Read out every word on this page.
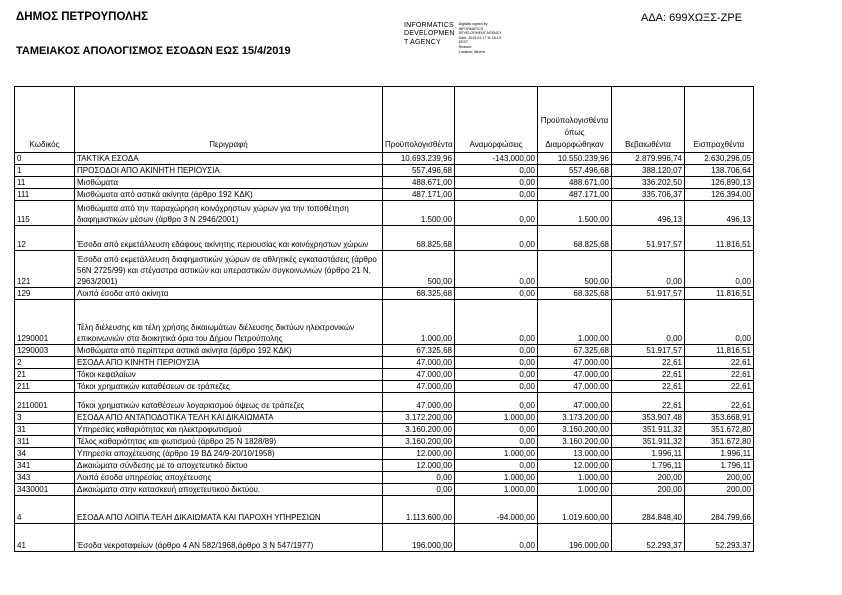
ΔΗΜΟΣ ΠΕΤΡΟΥΠΟΛΗΣ
ΤΑΜΕΙΑΚΟΣ ΑΠΟΛΟΓΙΣΜΟΣ ΕΣΟΔΩΝ ΕΩΣ 15/4/2019
ΑΔΑ: 699ΧΩΞΣ-ΖΡΕ
INFORMATICS
DEVELOPMEN
T AGENCY
Digitally signed by
INFORMATICS
DEVELOPMENT AGENCY
Date: 2019.04.17 11:16:13
EEST
Reason:
Location: Athens
Κωδικός	Περιγραφή	Προϋπολογισθέντα	Αναμορφώσεις	Προϋπολογισθέντα όπως Διαμορφώθηκαν	Βεβαιωθέντα	Εισπραχθέντα
0	ΤΑΚΤΙΚΑ ΕΣΟΔΑ	10.693.239,96	-143.000,00	10.550.239,96	2.879.996,74	2.630.296,05
1	ΠΡΟΣΟΔΟΙ ΑΠΟ ΑΚΙΝΗΤΗ ΠΕΡΙΟΥΣΙΑ	557.496,68	0,00	557.496,68	388.120,07	138.706,64
11	Μισθώματα	488.671,00	0,00	488.671,00	336.202,50	126.890,13
111	Μισθώματα από αστικά ακίνητα (άρθρο 192 ΚΔΚ)	487.171,00	0,00	487.171,00	335.706,37	126.394,00
115	Μισθώματα από την παραχώρηση κοινόχρηστων χώρων για την τοποθέτηση διαφημιστικών μέσων (άρθρο 3 Ν 2946/2001)	1.500,00	0,00	1.500,00	496,13	496,13
12	Έσοδα από εκμετάλλευση εδάφους ακίνητης περιουσίας και κοινόχρηστων χώρων	68.825,68	0,00	68.825,68	51.917,57	11.816,51
121	Έσοδα από εκμετάλλευση διαφημιστικών χώρων σε αθλητικές εγκαταστάσεις (άρθρο 56Ν 2725/99) και στέγαστρα αστικών και υπεραστικών συγκοινωνιών (άρθρο 21 Ν. 2963/2001)	500,00	0,00	500,00	0,00	0,00
129	Λοιπά έσοδα από ακίνητα	68.325,68	0,00	68.325,68	51.917,57	11.816,51
1290001	Τέλη διέλευσης και τέλη χρήσης δικαιωμάτων διέλευσης δικτύων ηλεκτρονικών επικοινωνιών στα διοικητικά όρια του Δήμου Πετρούπολης	1.000,00	0,00	1.000,00	0,00	0,00
1290003	Μισθώματα από περίπτερα αστικά ακίνητα (άρθρο 192 ΚΔΚ)	67.325,68	0,00	67.325,68	51.917,57	11.816,51
2	ΕΣΟΔΑ ΑΠΟ ΚΙΝΗΤΗ ΠΕΡΙΟΥΣΙΑ	47.000,00	0,00	47.000,00	22,61	22,61
21	Τόκοι κεφαλαίων	47.000,00	0,00	47.000,00	22,61	22,61
211	Τόκοι χρηματικών καταθέσεων σε τράπεζες	47.000,00	0,00	47.000,00	22,61	22,61
2110001	Τόκοι χρηματικών καταθέσεων λογαριασμού όψεως σε τράπεζες	47.000,00	0,00	47.000,00	22,61	22,61
3	ΕΣΟΔΑ ΑΠΟ ΑΝΤΑΠΟΔΟΤΙΚΑ ΤΕΛΗ ΚΑΙ ΔΙΚΑΙΩΜΑΤΑ	3.172.200,00	1.000,00	3.173.200,00	353.907,48	353.668,91
31	Υπηρεσίες καθαριότητας και ηλεκτροφωτισμού	3.160.200,00	0,00	3.160.200,00	351.911,32	351.672,80
311	Τέλος καθαριότητας και φωτισμού (άρθρο 25 Ν 1828/89)	3.160.200,00	0,00	3.160.200,00	351.911,32	351.672,80
34	Υπηρεσία αποχέτευσης (άρθρο 19 ΒΔ 24/9-20/10/1958)	12.000,00	1.000,00	13.000,00	1.996,11	1.996,11
341	Δικαιώματα σύνδεσης με το αποχετευτικό δίκτυο	12.000,00	0,00	12.000,00	1.796,11	1.796,11
343	Λοιπά έσοδα υπηρεσίας αποχέτευσης	0,00	1.000,00	1.000,00	200,00	200,00
3430001	Δικαιώματα στην κατασκευή αποχετευτικού δικτύου.	0,00	1.000,00	1.000,00	200,00	200,00
4	ΕΣΟΔΑ ΑΠΟ ΛΟΙΠΑ ΤΕΛΗ ΔΙΚΑΙΩΜΑΤΑ ΚΑΙ ΠΑΡΟΧΗ ΥΠΗΡΕΣΙΩΝ	1.113.600,00	-94.000,00	1.019.600,00	284.848,40	284.799,66
41	Έσοδα νεκροταφείων (άρθρο 4 ΑΝ 582/1968,άρθρο 3 Ν 547/1977)	196.000,00	0,00	196.000,00	52.293,37	52.293,37
